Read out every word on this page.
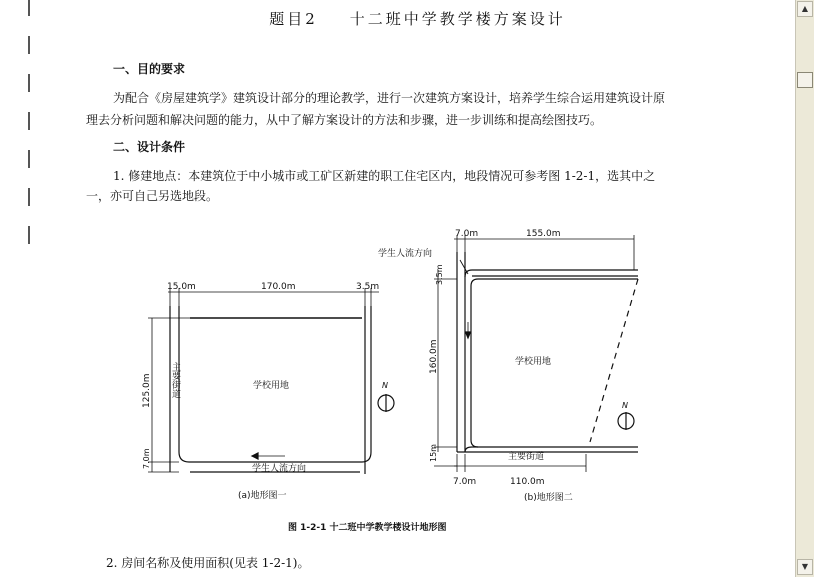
题目2 十二班中学教学楼方案设计
一、目的要求
为配合《房屋建筑学》建筑设计部分的理论教学，进行一次建筑方案设计，培养学生综合运用建筑设计原
理去分析问题和解决问题的能力，从中了解方案设计的方法和步骤，进一步训练和提高绘图技巧。
二、设计条件
1. 修建地点：本建筑位于中小城市或工矿区新建的职工住宅区内，地段情况可参考图 1-2-1，选其中之
一，亦可自己另选地段。
15.0m	170.0m	3.5m
125.0m
7.0m
学校用地
主要街道
学生人流方向
N
(a)地形图一
7.0m	155.0m
学生人流方向
3.5m
160.0m
15m
学校用地
主要街道
7.0m	110.0m
N
(b)地形图二
图 1-2-1 十二班中学教学楼设计地形图
2. 房间名称及使用面积(见表 1-2-1)。
▲
▼
